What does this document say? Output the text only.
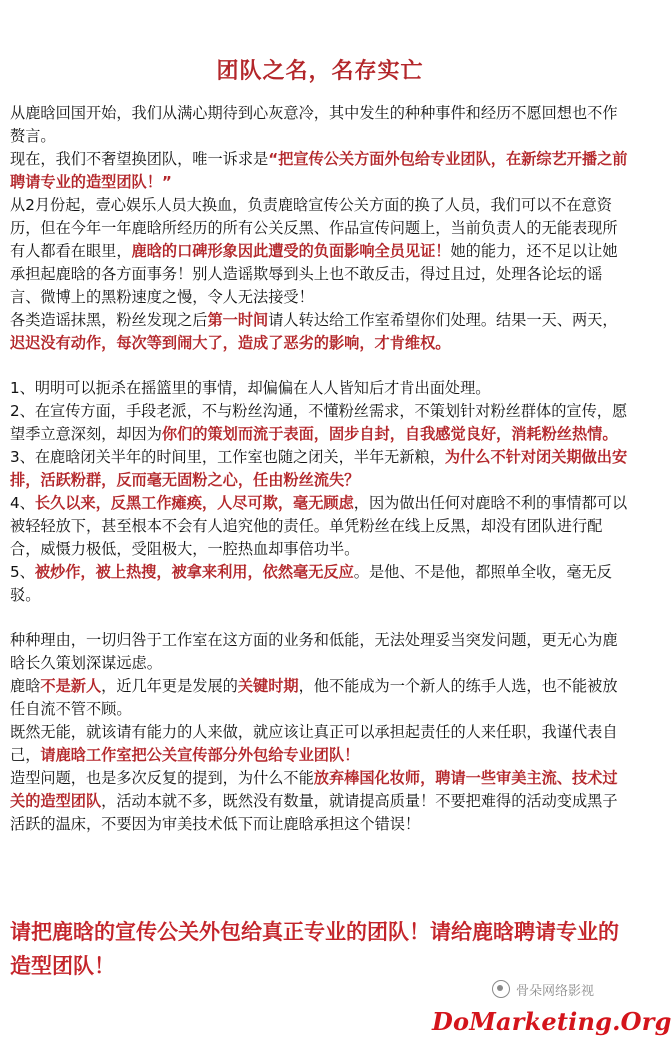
团队之名，名存实亡

从鹿晗回国开始，我们从满心期待到心灰意冷，其中发生的种种事件和经历不愿回想也不作赘言。

现在，我们不奢望换团队，唯一诉求是“把宣传公关方面外包给专业团队，在新综艺开播之前聘请专业的造型团队！”

从2月份起，壹心娱乐人员大换血，负责鹿晗宣传公关方面的换了人员，我们可以不在意资历，但在今年一年鹿晗所经历的所有公关反黑、作品宣传问题上，当前负责人的无能表现所有人都看在眼里，鹿晗的口碑形象因此遭受的负面影响全员见证！她的能力，还不足以让她承担起鹿晗的各方面事务！别人造谣欺辱到头上也不敢反击，得过且过，处理各论坛的谣言、微博上的黑粉速度之慢，令人无法接受！

各类造谣抹黑，粉丝发现之后第一时间请人转达给工作室希望你们处理。结果一天、两天，迟迟没有动作，每次等到闹大了，造成了恶劣的影响，才肯维权。

1、明明可以扼杀在摇篮里的事情，却偏偏在人人皆知后才肯出面处理。

2、在宣传方面，手段老派，不与粉丝沟通，不懂粉丝需求，不策划针对粉丝群体的宣传，愿望季立意深刻，却因为你们的策划而流于表面，固步自封，自我感觉良好，消耗粉丝热情。

3、在鹿晗闭关半年的时间里，工作室也随之闭关，半年无新粮，为什么不针对闭关期做出安排，活跃粉群，反而毫无固粉之心，任由粉丝流失？

4、长久以来，反黑工作瘫痪，人尽可欺，毫无顾虑，因为做出任何对鹿晗不利的事情都可以被轻轻放下，甚至根本不会有人追究他的责任。单凭粉丝在线上反黑，却没有团队进行配合，威慑力极低，受阻极大，一腔热血却事倍功半。

5、被炒作，被上热搜，被拿来利用，依然毫无反应。是他、不是他，都照单全收，毫无反驳。

种种理由，一切归咎于工作室在这方面的业务和低能，无法处理妥当突发问题，更无心为鹿晗长久策划深谋远虑。

鹿晗不是新人，近几年更是发展的关键时期，他不能成为一个新人的练手人选，也不能被放任自流不管不顾。

既然无能，就该请有能力的人来做，就应该让真正可以承担起责任的人来任职，我谨代表自己，请鹿晗工作室把公关宣传部分外包给专业团队！

造型问题，也是多次反复的提到，为什么不能放弃棒国化妆师，聘请一些审美主流、技术过关的造型团队，活动本就不多，既然没有数量，就请提高质量！不要把难得的活动变成黑子活跃的温床，不要因为审美技术低下而让鹿晗承担这个错误！

请把鹿晗的宣传公关外包给真正专业的团队！请给鹿晗聘请专业的造型团队！
骨朵网络影视
DoMarketing.Org
